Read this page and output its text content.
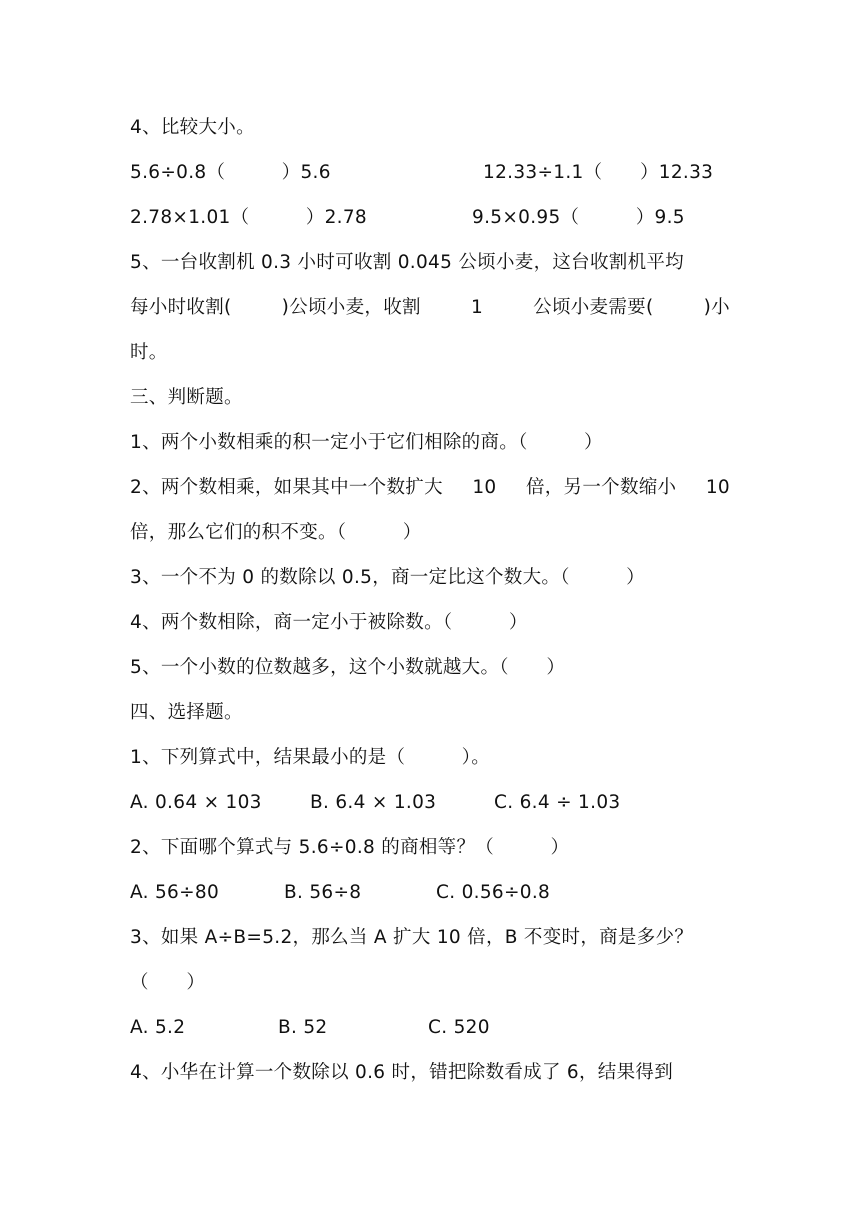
4、比较大小。
5.6÷0.8（　　　）5.6	12.33÷1.1（　　）12.33
2.78×1.01（　　　）2.78	9.5×0.95（　　　）9.5
5、一台收割机 0.3 小时可收割 0.045 公顷小麦，这台收割机平均
每小时收割(	)公顷小麦，收割	1	公顷小麦需要(	)小
时。
三、判断题。
1、两个小数相乘的积一定小于它们相除的商。（　　　）
2、两个数相乘，如果其中一个数扩大 10 倍，另一个数缩小 10
倍，那么它们的积不变。（　　　）
3、一个不为 0 的数除以 0.5，商一定比这个数大。（　　　）
4、两个数相除，商一定小于被除数。（　　　）
5、一个小数的位数越多，这个小数就越大。（　　）
四、选择题。
1、下列算式中，结果最小的是（　　　）。
A. 0.64 × 103	B. 6.4 × 1.03	C. 6.4 ÷ 1.03
2、下面哪个算式与 5.6÷0.8 的商相等？（　　　）
A. 56÷80	B. 56÷8	C. 0.56÷0.8
3、如果 A÷B=5.2，那么当 A 扩大 10 倍，B 不变时，商是多少？
（　　）
A. 5.2	B. 52	C. 520
4、小华在计算一个数除以 0.6 时，错把除数看成了 6，结果得到
